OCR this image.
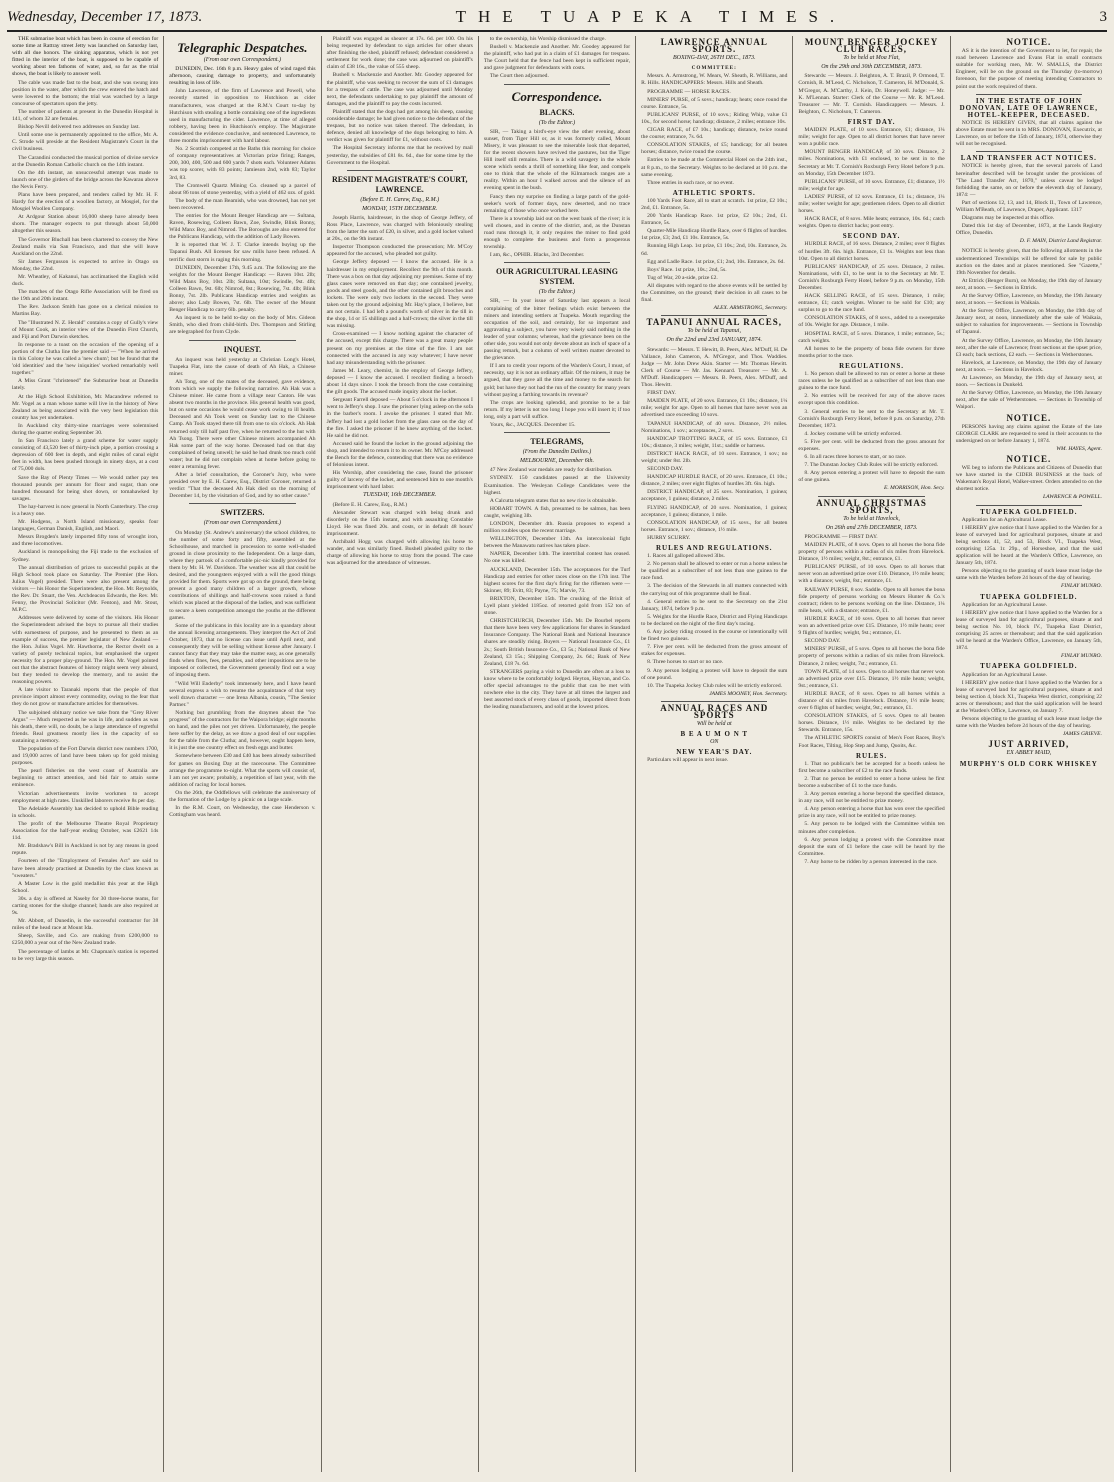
Wednesday, December 17, 1873.	THE TUAPEKA TIMES.	3

THE submarine boat which has been in course of erection for some time at Rattray street Jetty was launched on Saturday last, with all due honors. The sinking apparatus, which is not yet fitted in the interior of the boat, is supposed to be capable of working about ten fathoms of water, and, so far as the trial shows, the boat is likely to answer well.

The cable was made fast to the boat, and she was swung into position in the water, after which the crew entered the hatch and were lowered to the bottom; the trial was watched by a large concourse of spectators upon the jetty.

The number of patients at present in the Dunedin Hospital is 141, of whom 32 are females.

Bishop Nevill delivered two addresses on Sunday last.

Until some one is permanently appointed to the office, Mr. A. C. Strode will preside at the Resident Magistrate's Court in the civil business.

The Carandini conducted the musical portion of divine service at the Dunedin Roman Catholic church on the 14th instant.

On the 4th instant, an unsuccessful attempt was made to launch one of the girders of the bridge across the Kawarau above the Nevis Ferry.

Plans have been prepared, and tenders called by Mr. H. F. Hardy for the erection of a woollen factory, at Mosgiel, for the Mosgiel Woollen Company.

At Ardgour Station about 16,000 sheep have already been shorn. The manager expects to put through about 50,000 altogether this season.

The Governor Bluchall has been chartered to convey the New Zealand mails via San Francisco, and that she will leave Auckland on the 22nd.

Sir James Fergusson is expected to arrive in Otago on Monday, the 22nd.

Mr. Wheatley, of Kakanui, has acclimatised the English wild duck.

The matches of the Otago Rifle Association will be fired on the 19th and 20th instant.

The Rev. Jackson Smith has gone on a clerical mission to Martins Bay.

The "Illustrated N. Z. Herald" contains a copy of Gully's view of Mount Cook, an interior view of the Dunedin First Church, and Fiji and Port Darwin sketches.

In response to a toast on the occasion of the opening of a portion of the Clutha line the premier said — "When he arrived in this Colony he was called a 'new chum'; but he found that the 'old identities' and the 'new iniquities' worked remarkably well together."

A Miss Grant "christened" the Submarine boat at Dunedin lately.

At the High School Exhibition, Mr. Macandrew referred to Mr. Vogel as a man whose name will live in the history of New Zealand as being associated with the very best legislation this country has yet undertaken.

In Auckland city thirty-nine marriages were solemnised during the quarter ending September 30.

In San Francisco lately a grand scheme for water supply consisting of 43,520 feet of thirty-inch pipe, a portion crossing a depression of 600 feet in depth, and eight miles of canal eight feet in width, has been pushed through in ninety days, at a cost of 75,000 dols.

Save the Bay of Plenty Times — We would rather pay ten thousand pounds per annum for flour and sugar, than one hundred thousand for being shot down, or tomahawked by savages.

The hay-harvest is now general in North Canterbury. The crop is a heavy one.

Mr. Hodgens, a North Island missionary, speaks four languages, German Danish, English, and Maori.

Messrs Brogden's lately imported fifty tons of wrought iron, and three locomotives.

Auckland is monopolising the Fiji trade to the exclusion of Sydney.

The annual distribution of prizes to successful pupils at the High School took place on Saturday. The Premier (the Hon. Julius Vogel) presided. There were also present among the visitors — his Honor the Superintendent, the Hon. Mr. Reynolds, the Rev. Dr. Stuart, the Ven. Archdeacon Edwards, the Rev. Mr. Fenny, the Provincial Solicitor (Mr. Fenton), and Mr. Stout, M.P.C.

Addresses were delivered by some of the visitors. His Honor the Superintendent advised the boys to pursue all their studies with earnestness of purpose, and he presented to them as an example of success, the premier legislator of New Zealand — the Hon. Julius Vogel. Mr. Hawthorne, the Rector dwelt on a variety of purely technical topics, but emphasised the urgent necessity for a proper play-ground. The Hon. Mr. Vogel pointed out that the abstract features of history might seem very absurd, but they tended to develop the memory, and to assist the reasoning powers.

A late visitor to Taranaki reports that the people of that province import almost every commodity, owing to the fear that they do not grow or manufacture articles for themselves.

The subjoined obituary notice we take from the "Grey River Argus" — Much respected as he was in life, and sudden as was his death, there will, no doubt, be a large attendance of regretful friends. Real greatness mostly lies in the capacity of so sustaining a memory.

The population of the Fort Darwin district now numbers 1700, and 19,000 acres of land have been taken up for gold mining purposes.

The pearl fisheries on the west coast of Australia are beginning to attract attention, and bid fair to attain some eminence.

Victorian advertisements invite workmen to accept employment at high rates. Unskilled laborers receive 8s per day.

The Adelaide Assembly has decided to uphold Bible reading in schools.

The profit of the Melbourne Theatre Royal Proprietary Association for the half-year ending October, was £2621 14s 11d.

Mr. Bradshaw's Bill in Auckland is not by any means in good repute.

Fourteen of the "Employment of Females Act" are said to have been already practised at Dunedin by the class known as "sweaters."

A Master Low is the gold medallist this year at the High School.

30s. a day is offered at Naseby for 30 three-horse teams, for carting stones for the sludge channel; hands are also required at 9s.

Mr. Abbott, of Dunedin, is the successful contractor for 38 miles of the head race at Mount Ida.

Sheep, Saville, and Co. are making from £200,000 to £250,000 a year out of the New Zealand trade.

The percentage of lambs at Mr. Chapman's station is reported to be very large this season.

Telegraphic Despatches.
(From our own Correspondent.)

DUNEDIN, Dec. 16th 8 p.m. Heavy gales of wind raged this afternoon, causing damage to property, and unfortunately resulting in loss of life.

John Lawrence, of the firm of Lawrence and Powell, who recently started in opposition to Hutchison as cider manufacturers, was charged at the R.M.'s Court to-day by Hutchison with stealing a bottle containing one of the ingredients used in manufacturing the cider. Lawrence, at time of alleged robbery, having been in Hutchison's employ. The Magistrate considered the evidence conclusive, and sentenced Lawrence, to three months imprisonment with hard labour.

No. 2 Scottish competed at the Baths this morning for choice of company representatives at Victorian prize firing; Ranges, 200, 300, 400, 500 and 600 yards 7 shots each. Volunteer Adams was top scorer, with 83 points; Jamieson 2nd, with 83; Taylor 3rd, 83.

The Cromwell Quartz Mining Co. cleaned up a parcel of about 86 tons of stone yesterday, with a yield of 462 ozs. of gold.

The body of the man Beamish, who was drowned, has not yet been recovered.

The entries for the Mount Benger Handicap are — Sultana, Raven, Rosewing, Colleen Bawn, Zoe, Swindle, Blink Bonny, Wild Manx Boy, and Nimrod. The Boroughs are also entered for the Publicans Handicap, with the addition of Lady Bowen.

It is reported that W. J. T. Clarke intends buying up the Tapanui Bush. All licenses for saw mills have been refused. A terrific dust storm is raging this morning.

DUNEDIN, December 17th, 9.45 a.m. The following are the weights for the Mount Benger Handicap: — Raven 10st. 2lb; Wild Manx Boy, 10st. 2lb; Sultana, 10st; Swindle, 9st. 4lb; Colleen Bawn, 9st. 6lb; Nimrod, 8st.; Rosewing, 7st. 4lb; Blink Bonny, 7st. 2lb. Publicans Handicap entries and weights as above; also Lady Bowen, 7st. 6lb. The owner of the Mount Benger Handicap to carry 6lb. penalty.

An inquest is to be held to-day on the body of Mrs. Gideon Smith, who died from child-birth. Drs. Thompson and Stirling are telegraphed for from Clyde.

INQUEST.

An inquest was held yesterday at Christian Long's Hotel, Tuapeka Flat, into the cause of death of Ah Hak, a Chinese miner.

Ah Tong, one of the mates of the deceased, gave evidence, from which we supply the following narrative. Ah Hak was a Chinese miner. He came from a village near Canton. He was absent two months in the province. His general health was good, but on some occasions he would cease work owing to ill health. Deceased and Ah Took went on Sunday last to the Chinese Camp. Ah Took stayed there till from one to six o'clock. Ah Hak returned only till half past five, when he returned to the hut with Ah Tsong. There were other Chinese miners accompanied Ah Hak some part of the way home. Deceased had on that day complained of being unwell; he said he had drunk too much cold water; but he did not complain when at home before going to enter a returning fever.

After a brief consultation, the Coroner's Jury, who were presided over by E. H. Carew, Esq., District Coroner, returned a verdict "That the deceased Ah Hak died on the morning of December 14, by the visitation of God, and by no other cause."

SWITZERS.
(From our own Correspondent.)

On Monday (St. Andrew's anniversary) the school children, to the number of some forty and fifty, assembled at the Schoolhouse, and marched in procession to some well-shaded ground in close proximity to the Independent. On a large dam, where they partook of a comfortable pic-nic kindly provided for them by Mr. H. W. Davidson. The weather was all that could be desired, and the youngsters enjoyed with a will the good things provided for them. Sports were got up on the ground, there being present a good many children of a larger growth, whose contributions of shillings and half-crowns soon raised a fund which was placed at the disposal of the ladies, and was sufficient to secure a keen competition amongst the youths at the different games.

Some of the publicans in this locality are in a quandary about the annual licensing arrangements. They interpret the Act of 2nd October, 1873, that no license can issue until April next, and consequently they will be selling without license after January. I cannot fancy that they may take the matter easy, as one generally finds when fines, fees, penalties, and other impositions are to be imposed or collected, the Government generally find out a way of imposing them.

"Wild Will Enderby" took immensely here, and I have heard several express a wish to resume the acquaintance of that very well drawn character — one Irena Albania, cousin, "The Senior Partner."

Nothing but grumbling from the draymen about the "no progress" of the contractors for the Waipora bridge; eight months on hand, and the piles not yet driven. Unfortunately, the people here suffer by the delay, as we draw a good deal of our supplies for the table from the Clutha; and, however, ought happen here, it is just the one country effect on fresh eggs and butter.

Somewhere between £30 and £40 has been already subscribed for games on Boxing Day at the racecourse. The Committee arrange the programme to-night. What the sports will consist of, I am not yet aware; probably, a repetition of last year, with the addition of racing for local horses.

On the 26th, the Oddfellows will celebrate the anniversary of the formation of the Lodge by a picnic on a large scale.

In the R.M. Court, on Wednesday, the case Henderson v. Cottingham was heard.

Plaintiff was engaged as shearer at 17s. 6d. per 100. On his being requested by defendant to sign articles for other shears after finishing the shed, plaintiff refused; defendant considered a settlement for work done; the case was adjourned on plaintiff's claim of £38 16s., the value of 555 sheep.

Bushell v. Mackenzie and Another. Mr. Goodey appeared for the plaintiff, who was seeking to recover the sum of £1 damages for a trespass of cattle. The case was adjourned until Monday next, the defendants undertaking to pay plaintiff the amount of damages, and the plaintiff to pay the costs incurred.

Plaintiff stated that the dogs had got among his sheep, causing considerable damage; he had given notice to the defendant of the trespass, but no notice was taken thereof. The defendant, in defence, denied all knowledge of the dogs belonging to him. A verdict was given for plaintiff for £1, without costs.

The Hospital Secretary informs me that he received by mail yesterday, the subsidies of £81 8s. 6d., due for some time by the Government to the Hospital.

RESIDENT MAGISTRATE'S COURT, LAWRENCE.
(Before E. H. Carew, Esq., R.M.)
MONDAY, 15TH DECEMBER.

Joseph Harris, hairdresser, in the shop of George Jeffery, of Ross Place, Lawrence, was charged with feloniously stealing from the latter the sum of £20, in silver, and a gold locket valued at 20s., on the 9th instant.

Inspector Thompson conducted the prosecution; Mr. M'Coy appeared for the accused, who pleaded not guilty.

George Jeffery deposed — I know the accused. He is a hairdresser in my employment. Recollect the 9th of this month. There was a box on that day adjoining my premises. Some of my glass cases were removed on that day; one contained jewelry, goods and steel goods, and the other contained gilt brooches and lockets. The were only two lockets in the second. They were taken out by the ground adjoining Mr. Hay's place, I believe, but am not certain. I had left a pound's worth of silver in the till in the shop, 14 or 15 shillings and a half-crown; the silver in the till was missing.

Cross-examined — I know nothing against the character of the accused, except this charge. There was a great many people present on my premises at the time of the fire. I am not connected with the accused in any way whatever; I have never had any misunderstanding with the prisoner.

James M. Leary, chemist, in the employ of George Jeffery, deposed — I know the accused. I recollect finding a brooch about 14 days since. I took the brooch from the case containing the gilt goods. The accused made inquiry about the locket.

Sergeant Farrell deposed — About 5 o'clock in the afternoon I went to Jeffery's shop. I saw the prisoner lying asleep on the sofa in the barber's room. I awoke the prisoner. I stated that Mr. Jeffery had lost a gold locket from the glass case on the day of the fire. I asked the prisoner if he knew anything of the locket. He said he did not.

Accused said he found the locket in the ground adjoining the shop, and intended to return it to its owner. Mr. M'Coy addressed the Bench for the defence, contending that there was no evidence of felonious intent.

His Worship, after considering the case, found the prisoner guilty of larceny of the locket, and sentenced him to one month's imprisonment with hard labor.

TUESDAY, 16th DECEMBER.

(Before E. H. Carew, Esq., R.M.)

Alexander Stewart was charged with being drunk and disorderly on the 15th instant, and with assaulting Constable Lloyd. He was fined 20s. and costs, or in default 48 hours' imprisonment.

Archibald Hogg was charged with allowing his horse to wander, and was similarly fined. Bushell pleaded guilty to the charge of allowing his horse to stray from the pound. The case was adjourned for the attendance of witnesses.

to the ownership, his Worship dismissed the charge.

Bushell v. Mackenzie and Another. Mr. Goodey appeared for the plaintiff, who had put in a claim of £1 damages for trespass. The Court held that the fence had been kept in sufficient repair, and gave judgment for defendants with costs.

The Court then adjourned.

Correspondence.
BLACKS.
(To the Editor.)

SIR, — Taking a bird's-eye view the other evening, about sunset, from Tiger Hill or, as it was formerly called, Mount Misery, it was pleasant to see the miserable look that departed, for the recent showers have revived the pastures, but the Tiger Hill itself still remains. There is a wild savagery in the whole scene which sends a thrill of something like fear, and compels one to think that the whole of the Kilmarnock ranges are a reality. Within an hour I walked across and the silence of an evening spent in the bush.

Fancy then my surprise on finding a large patch of the gold-seeker's work of former days, now deserted, and no trace remaining of those who once worked here.

There is a township laid out on the west bank of the river; it is well chosen, and in centre of the district, and, as the Dunstan road runs through it, it only requires the miner to find gold enough to complete the business and form a prosperous township.

I am, &c., OPHIR. Blacks, 3rd December.

OUR AGRICULTURAL LEASING SYSTEM.
(To the Editor.)

SIR, — In your issue of Saturday last appears a local complaining of the bitter feelings which exist between the miners and intending settlers at Tuapeka. Mouth regarding the occupation of the soil, and certainly, for so important and aggravating a subject, you have very wisely said nothing in the leader of your columns; whereas, had the grievance been on the other side, you would not only devote about an inch of space of a passing remark, but a column of well written matter devoted to the grievance.

If I am to credit your reports of the Warden's Court, I must, of necessity, say it is not an ordinary affair. Of the miners, it may be argued, that they gave all the time and money to the search for gold; but have they not had the run of the country for many years without paying a farthing towards its revenue?

The crops are looking splendid, and promise to be a fair return. If my letter is not too long I hope you will insert it; if too long, only a part will suffice.

Yours, &c., JACQUES. December 15.

TELEGRAMS,
(From the Dunedin Dailies.)
MELBOURNE, December 6th.

47 New Zealand war medals are ready for distribution.

SYDNEY. 150 candidates passed at the University Examination. The Wesleyan College Candidates were the highest.

A Calcutta telegram states that no new rice is obtainable.

HOBART TOWN. A fish, presumed to be salmon, has been caught, weighing 3lb.

LONDON, December 4th. Russia proposes to expend a million roubles upon the recent marriage.

WELLINGTON, December 13th. An intercolonial fight between the Manawatu natives has taken place.

NAPIER, December 14th. The intertribal contest has ceased. No one was killed.

AUCKLAND, December 15th. The acceptances for the Turf Handicap and entries for other races close on the 17th inst. The highest scores for the first day's firing for the riflemen were — Skinner, 89; Evitt, 83; Payne, 75; Marvie, 73.

BRIXTON, December 15th. The crushing of the Brixit of Lyell plant yielded 1185oz. of retorted gold from 152 ton of stone.

CHRISTCHURCH, December 15th. Mr. De Bourbel reports that there have been very few applications for shares in Standard Insurance Company. The National Bank and National Insurance shares are steadily rising. Buyers — National Insurance Co., £1 2s.; South British Insurance Co., £3 5s.; National Bank of New Zealand, £3 15s.; Shipping Company, 2s. 6d.; Bank of New Zealand, £18 7s. 6d.

STRANGERS paying a visit to Dunedin are often at a loss to know where to be comfortably lodged. Heyton, Hayvan, and Co. offer special advantages to the public that can be met with nowhere else in the city. They have at all times the largest and best assorted stock of every class of goods, imported direct from the leading manufacturers, and sold at the lowest prices.

LAWRENCE ANNUAL SPORTS.
BOXING-DAY, 26TH DEC., 1873.
COMMITTEE:

Messrs. A. Armstrong, W. Mears, W. Sheath, R. Williams, and R. Hills. HANDICAPPERS: Messrs. Hills and Sheath.

PROGRAMME — HORSE RACES.

MINERS' PURSE, of 5 sovs.; handicap; heats; once round the course. Entrance, 5s.

PUBLICANS' PURSE, of 10 sovs.; Riding Whip, value £1 10s., for second horse; handicap; distance, 2 miles; entrance 10s.

CIGAR RACE, of £7 10s.; handicap; distance, twice round the course; entrance, 7s. 6d.

CONSOLATION STAKES, of £5; handicap; for all beaten horses; distance, twice round the course.

Entries to be made at the Commercial Hotel on the 24th inst., at 8 p.m., to the Secretary. Weights to be declared at 10 p.m. the same evening.

Three entries in each race, or no event.

ATHLETIC SPORTS.

100 Yards Foot Race, all to start at scratch. 1st prize, £2 10s.; 2nd, £1. Entrance, 5s.

200 Yards Handicap Race. 1st prize, £2 10s.; 2nd, £1. Entrance, 5s.

Quarter-Mile Handicap Hurdle Race, over 6 flights of hurdles. 1st prize, £3; 2nd, £1 10s. Entrance, 5s.

Running High Leap. 1st prize, £1 10s.; 2nd, 10s. Entrance, 2s. 6d.

Egg and Ladle Race. 1st prize, £1; 2nd, 10s. Entrance, 2s. 6d.

Boys' Race. 1st prize, 10s.; 2nd, 5s.

Tug of War, 20 a-side, prize £2.

All disputes with regard to the above events will be settled by the Committee, on the ground; their decision in all cases to be final.

ALEX. ARMSTRONG, Secretary.
TAPANUI ANNUAL RACES,
To be held at Tapanui,
On the 22nd and 23rd JANUARY, 1874.

Stewards: — Messrs. T. Hewitt, B. Peers, Alex. M'Duff, H. De Vallance, John Cameron, A. M'Gregor, and Thos. Waddies. Judge — Mr. John Drew Akin. Starter — Mr. Thomas Hewitt. Clerk of Course — Mr. Jas. Kennard. Treasurer — Mr. A. M'Duff. Handicappers — Messrs. B. Peers, Alex. M'Duff, and Thos. Hewitt.

FIRST DAY.

MAIDEN PLATE, of 20 sovs. Entrance, £1 10s.; distance, 1¼ mile; weight for age. Open to all horses that have never won an advertised race exceeding 10 sovs.

TAPANUI HANDICAP, of 40 sovs. Distance, 2½ miles. Nominations, 1 sov.; acceptances, 2 sovs.

HANDICAP TROTTING RACE, of 15 sovs. Entrance, £1 10s.; distance, 3 miles; weight, 11st.; saddle or harness.

DISTRICT HACK RACE, of 10 sovs. Entrance, 1 sov.; no weight; under 8st. 2lb.

SECOND DAY.

HANDICAP HURDLE RACE, of 20 sovs. Entrance, £1 10s.; distance, 2 miles; over eight flights of hurdles 3ft. 6in. high.

DISTRICT HANDICAP, of 25 sovs. Nomination, 1 guinea; acceptance, 1 guinea; distance, 2 miles.

FLYING HANDICAP, of 20 sovs. Nomination, 1 guinea; acceptance, 1 guinea; distance, 1 mile.

CONSOLATION HANDICAP, of 15 sovs., for all beaten horses. Entrance, 1 sov.; distance, 1½ mile.

HURRY SCURRY.

RULES AND REGULATIONS.

1. Races all galloped allowed 3lbs.

2. No person shall be allowed to enter or run a horse unless he be qualified as a subscriber of not less than one guinea to the race fund.

3. The decision of the Stewards in all matters connected with the carrying out of this programme shall be final.

4. General entries to be sent to the Secretary on the 21st January, 1874, before 9 p.m.

5. Weights for the Hurdle Race, District and Flying Handicaps to be declared on the night of the first day's racing.

6. Any jockey riding crossed in the course or intentionally will be fined two guineas.

7. Five per cent. will be deducted from the gross amount of stakes for expenses.

8. Three horses to start or no race.

9. Any person lodging a protest will have to deposit the sum of one pound.

10. The Tuapeka Jockey Club rules will be strictly enforced.

JAMES MOONEY, Hon. Secretary.
ANNUAL RACES AND SPORTS
Will be held at
B E A U M O N T
ON
NEW YEAR'S DAY.

Particulars will appear in next issue.

MOUNT BENGER JOCKEY CLUB RACES,
To be held at Moa Flat,
On the 29th and 30th DECEMBER, 1873.

Stewards: — Messrs. J. Beighton, A. T. Brazil, P. Ormond, T. Cornish, R. M'Leod, C. Nicholson, T. Cameron, H. M'Donald, S. M'Gregor, A. M'Carthy, J. Kein, Dr. Honeywell. Judge: — Mr. K. M'Lennan. Starter: Clerk of the Course — Mr. R. M'Leod. Treasurer — Mr. T. Cornish. Handicappers — Messrs. J. Beighton, C. Nicholson, T. Cameron.

FIRST DAY.

MAIDEN PLATE, of 10 sovs. Entrance, £1; distance, 1¼ mile; weight for age. Open to all district horses that have never won a public race.

MOUNT BENGER HANDICAP, of 30 sovs. Distance, 2 miles. Nominations, with £1 enclosed, to be sent in to the Secretary at Mr. T. Cornish's Roxburgh Ferry Hotel before 9 p.m. on Monday, 15th December 1873.

PUBLICANS' PURSE, of 10 sovs. Entrance, £1; distance, 1½ mile; weight for age.

LADIES' PURSE, of 12 sovs. Entrance, £1 1s.; distance, 1¼ mile; welter weight for age; gentlemen riders. Open to all district horses.

HACK RACE, of 8 sovs. Mile heats; entrance, 10s. 6d.; catch weights. Open to district hacks; post entry.

SECOND DAY.

HURDLE RACE, of 16 sovs. Distance, 2 miles; over 8 flights of hurdles 3ft. 6in. high. Entrance, £1 1s. Weights not less than 10st. Open to all district horses.

PUBLICANS' HANDICAP, of 25 sovs. Distance, 2 miles. Nominations, with £1, to be sent in to the Secretary at Mr. T. Cornish's Roxburgh Ferry Hotel, before 9 p.m. on Monday, 15th December.

HACK SELLING RACE, of 15 sovs. Distance, 1 mile; entrance, £1; catch weights. Winner to be sold for £10; any surplus to go to the race fund.

CONSOLATION STAKES, of 8 sovs., added to a sweepstake of 10s. Weight for age. Distance, 1 mile.

HOSPITAL RACE, of 5 sovs. Distance, 1 mile; entrance, 5s.; catch weights.

All horses to be the property of bona fide owners for three months prior to the race.

REGULATIONS.

1. No person shall be allowed to run or enter a horse at these races unless he be qualified as a subscriber of not less than one guinea to the race fund.

2. No entries will be received for any of the above races except upon this condition.

3. General entries to be sent to the Secretary at Mr. T. Cornish's Roxburgh Ferry Hotel, before 8 p.m. on Saturday, 27th December, 1873.

4. Jockey costume will be strictly enforced.

5. Five per cent. will be deducted from the gross amount for expenses.

6. In all races three horses to start, or no race.

7. The Dunstan Jockey Club Rules will be strictly enforced.

8. Any person entering a protest will have to deposit the sum of one guinea.

E. MORRISON, Hon. Secy.
ANNUAL CHRISTMAS SPORTS,
To be held at Havelock,
On 26th and 27th DECEMBER, 1873.

PROGRAMME — FIRST DAY.

MAIDEN PLATE, of 8 sovs. Open to all horses the bona fide property of persons within a radius of six miles from Havelock. Distance, 1½ miles; weight, 8st.; entrance, £1.

PUBLICANS' PURSE, of 10 sovs. Open to all horses that never won an advertised prize over £10. Distance, 1½ mile heats; with a distance; weight, 8st.; entrance, £1.

RAILWAY PURSE, 8 sov. Saddle. Open to all horses the bona fide property of persons working on Messrs Hunter & Co.'s contract; riders to be persons working on the line. Distance, 1¼ mile heats, with a distance; entrance, £1.

HURDLE RACE, of 10 sovs. Open to all horses that never won an advertised prize over £15. Distance, 1½ mile heats; over 9 flights of hurdles; weight, 9st.; entrance, £1.

SECOND DAY.

MINERS' PURSE, of 5 sovs. Open to all horses the bona fide property of persons within a radius of six miles from Havelock. Distance, 2 miles; weight, 7st.; entrance, £1.

TOWN PLATE, of 14 sovs. Open to all horses that never won an advertised prize over £15. Distance, 1½ mile heats; weight, 9st.; entrance, £1.

HURDLE RACE, of 8 sovs. Open to all horses within a distance of six miles from Havelock. Distance, 1½ mile heats; over 6 flights of hurdles; weight, 9st.; entrance, £1.

CONSOLATION STAKES, of 5 sovs. Open to all beaten horses. Distance, 1½ mile. Weights to be declared by the Stewards. Entrance, 15s.

The ATHLETIC SPORTS consist of Men's Foot Races, Boy's Foot Races, Tilting, Hop Step and Jump, Quoits, &c.

RULES.

1. That no publican's bet be accepted for a booth unless he first become a subscriber of £2 to the race funds.

2. That no person be entitled to enter a horse unless he first become a subscriber of £1 to the race funds.

3. Any person entering a horse beyond the specified distance, in any race, will not be entitled to prize money.

4. Any person entering a horse that has won over the specified prize in any race, will not be entitled to prize money.

5. Any person to be lodged with the Committee within ten minutes after completion.

6. Any person lodging a protest with the Committee must deposit the sum of £1 before the case will be heard by the Committee.

7. Any horse to be ridden by a person interested in the race.

NOTICE.

AS it is the intention of the Government to let, for repair, the road between Lawrence and Evans Flat in small contracts suitable for working men, Mr. W. SMALLS, the District Engineer, will be on the ground on the Thursday (to-morrow) forenoon, for the purpose of meeting intending Contractors to point out the work required of them.

IN THE ESTATE OF JOHN DONOVAN, LATE OF LAWRENCE, HOTEL-KEEPER, DECEASED.

NOTICE IS HEREBY GIVEN, that all claims against the above Estate must be sent in to MRS. DONOVAN, Executrix, at Lawrence, on or before the 15th of January, 1874, otherwise they will not be recognised.

LAND TRANSFER ACT NOTICES.

NOTICE is hereby given, that the several parcels of Land hereinafter described will be brought under the provisions of "The Land Transfer Act, 1870," unless caveat be lodged forbidding the same, on or before the eleventh day of January, 1874: —

Part of sections 12, 13, and 14, Block II., Town of Lawrence, William M'Beath, of Lawrence, Draper, Applicant. 1317

Diagrams may be inspected at this office.

Dated this 1st day of December, 1873, at the Lands Registry Office, Dunedin.

D. F. MAIN, District Land Registrar.

NOTICE is hereby given, that the following allotments in the undermentioned Townships will be offered for sale by public auction on the dates and at places mentioned. See "Gazette," 19th November for details.

At Ettrick (Benger Burn), on Monday, the 19th day of January next, at noon. — Sections in Ettrick.

At the Survey Office, Lawrence, on Monday, the 19th January next, at noon. — Sections in Waikaia.

At the Survey Office, Lawrence, on Monday, the 19th day of January next, at noon, immediately after the sale of Waikaia, subject to valuation for improvements. — Sections in Township of Tapanui.

At the Survey Office, Lawrence, on Monday, the 19th January next, after the sale of Lawrence; front sections at the upset price, £3 each; back sections, £2 each. — Sections in Wetherstones.

Havelock, at Lawrence, on Monday, the 19th day of January next, at noon. — Sections in Havelock.

At Lawrence, on Monday, the 19th day of January next, at noon. — Sections in Dunkeld.

At the Survey Office, Lawrence, on Monday, the 19th January next, after the sale of Wetherstones. — Sections in Township of Waipori.

NOTICE.

PERSONS having any claims against the Estate of the late GEORGE CLARK are requested to send in their accounts to the undersigned on or before January 1, 1874.

WM. HAYES, Agent.
NOTICE.

WE beg to inform the Publicans and Citizens of Dunedin that we have started in the CIDER BUSINESS at the back of Wakeman's Royal Hotel, Walker-street. Orders attended to on the shortest notice.

LAWRENCE & POWELL.
TUAPEKA GOLDFIELD.

Application for an Agricultural Lease.

I HEREBY give notice that I have applied to the Warden for a lease of surveyed land for agricultural purposes, situate at and being sections 41, 52, and 53, Block VI., Tuapeka West, comprising 125a. 1r. 29p., of Horseshoe, and that the said application will be heard at the Warden's Office, Lawrence, on January 5th, 1874.

Persons objecting to the granting of such lease must lodge the same with the Warden before 24 hours of the day of hearing.

FINLAY MUNRO.
TUAPEKA GOLDFIELD.

Application for an Agricultural Lease.

I HEREBY give notice that I have applied to the Warden for a lease of surveyed land for agricultural purposes, situate at and being section No. 10, block IV., Tuapeka East District, comprising 25 acres or thereabout; and that the said application will be heard at the Warden's Office, Lawrence, on January 5th, 1874.

FINLAY MUNRO.
TUAPEKA GOLDFIELD.

Application for an Agricultural Lease.

I HEREBY give notice that I have applied to the Warden for a lease of surveyed land for agricultural purposes, situate at and being section 4, block XI., Tuapeka West district, comprising 22 acres or thereabouts; and that the said application will be heard at the Warden's Office, Lawrence, on January 7.

Persons objecting to the granting of such lease must lodge the same with the Warden before 24 hours of the day of hearing.

JAMES GRIEVE.
JUST ARRIVED,
EX ABBEY MAID,
MURPHY'S OLD CORK WHISKEY
